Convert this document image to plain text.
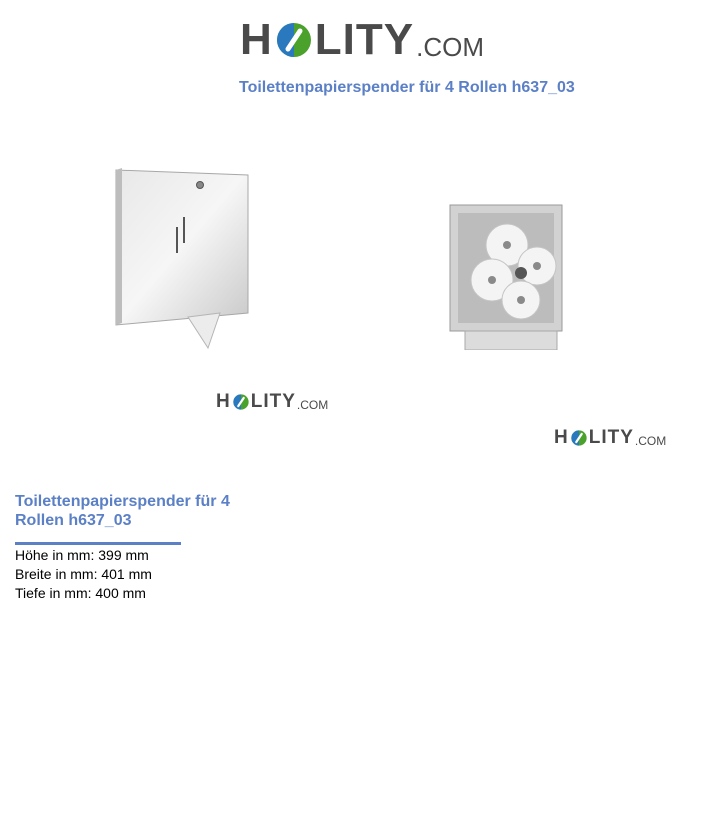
H LITY .COM
Toilettenpapierspender für 4 Rollen h637_03
H LITY .COM
H LITY .COM
Toilettenpapierspender für 4 Rollen h637_03
Höhe in mm: 399 mm
Breite in mm: 401 mm
Tiefe in mm: 400 mm
